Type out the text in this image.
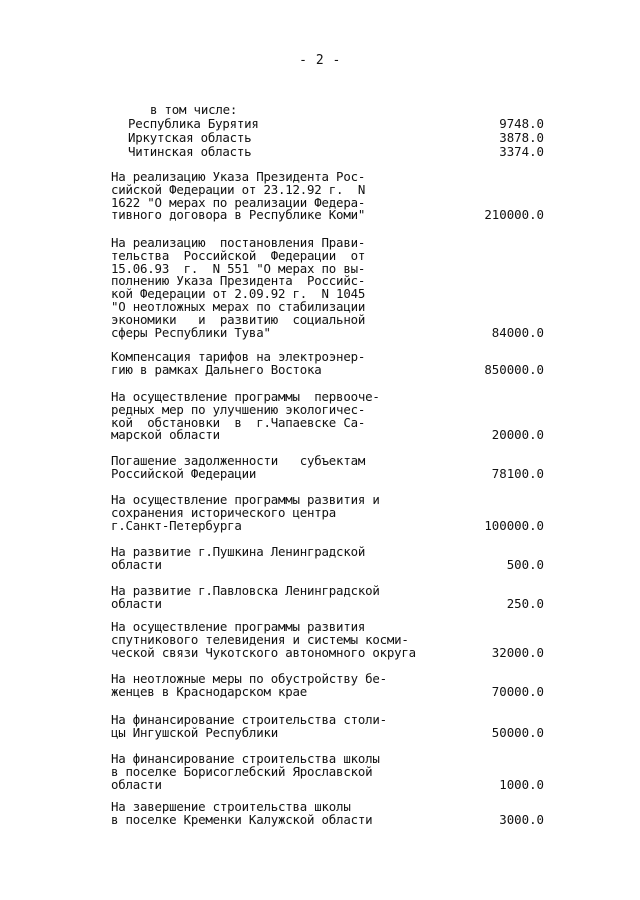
- 2 -
в том числе:
Республика Бурятия	9748.0
Иркутская область	3878.0
Читинская область	3374.0
На реализацию Указа Президента Рос-
сийской Федерации от 23.12.92 г.  N
1622 "О мерах по реализации Федера-
тивного договора в Республике Коми"	210000.0
На реализацию  постановления Прави-
тельства  Российской  Федерации  от
15.06.93  г.  N 551 "О мерах по вы-
полнению Указа Президента  Российс-
кой Федерации от 2.09.92 г.  N 1045
"О неотложных мерах по стабилизации
экономики   и  развитию  социальной
сферы Республики Тува"	84000.0
Компенсация тарифов на электроэнер-
гию в рамках Дальнего Востока	850000.0
На осуществление программы  первооче-
редных мер по улучшению экологичес-
кой  обстановки  в  г.Чапаевске Са-
марской области	20000.0
Погашение задолженности   субъектам
Российской Федерации	78100.0
На осуществление программы развития и
сохранения исторического центра
г.Санкт-Петербурга	100000.0
На развитие г.Пушкина Ленинградской
области	500.0
На развитие г.Павловска Ленинградской
области	250.0
На осуществление программы развития
спутникового телевидения и системы косми-
ческой связи Чукотского автономного округа	32000.0
На неотложные меры по обустройству бе-
женцев в Краснодарском крае	70000.0
На финансирование строительства столи-
цы Ингушской Республики	50000.0
На финансирование строительства школы
в поселке Борисоглебский Ярославской
области	1000.0
На завершение строительства школы
в поселке Кременки Калужской области	3000.0
